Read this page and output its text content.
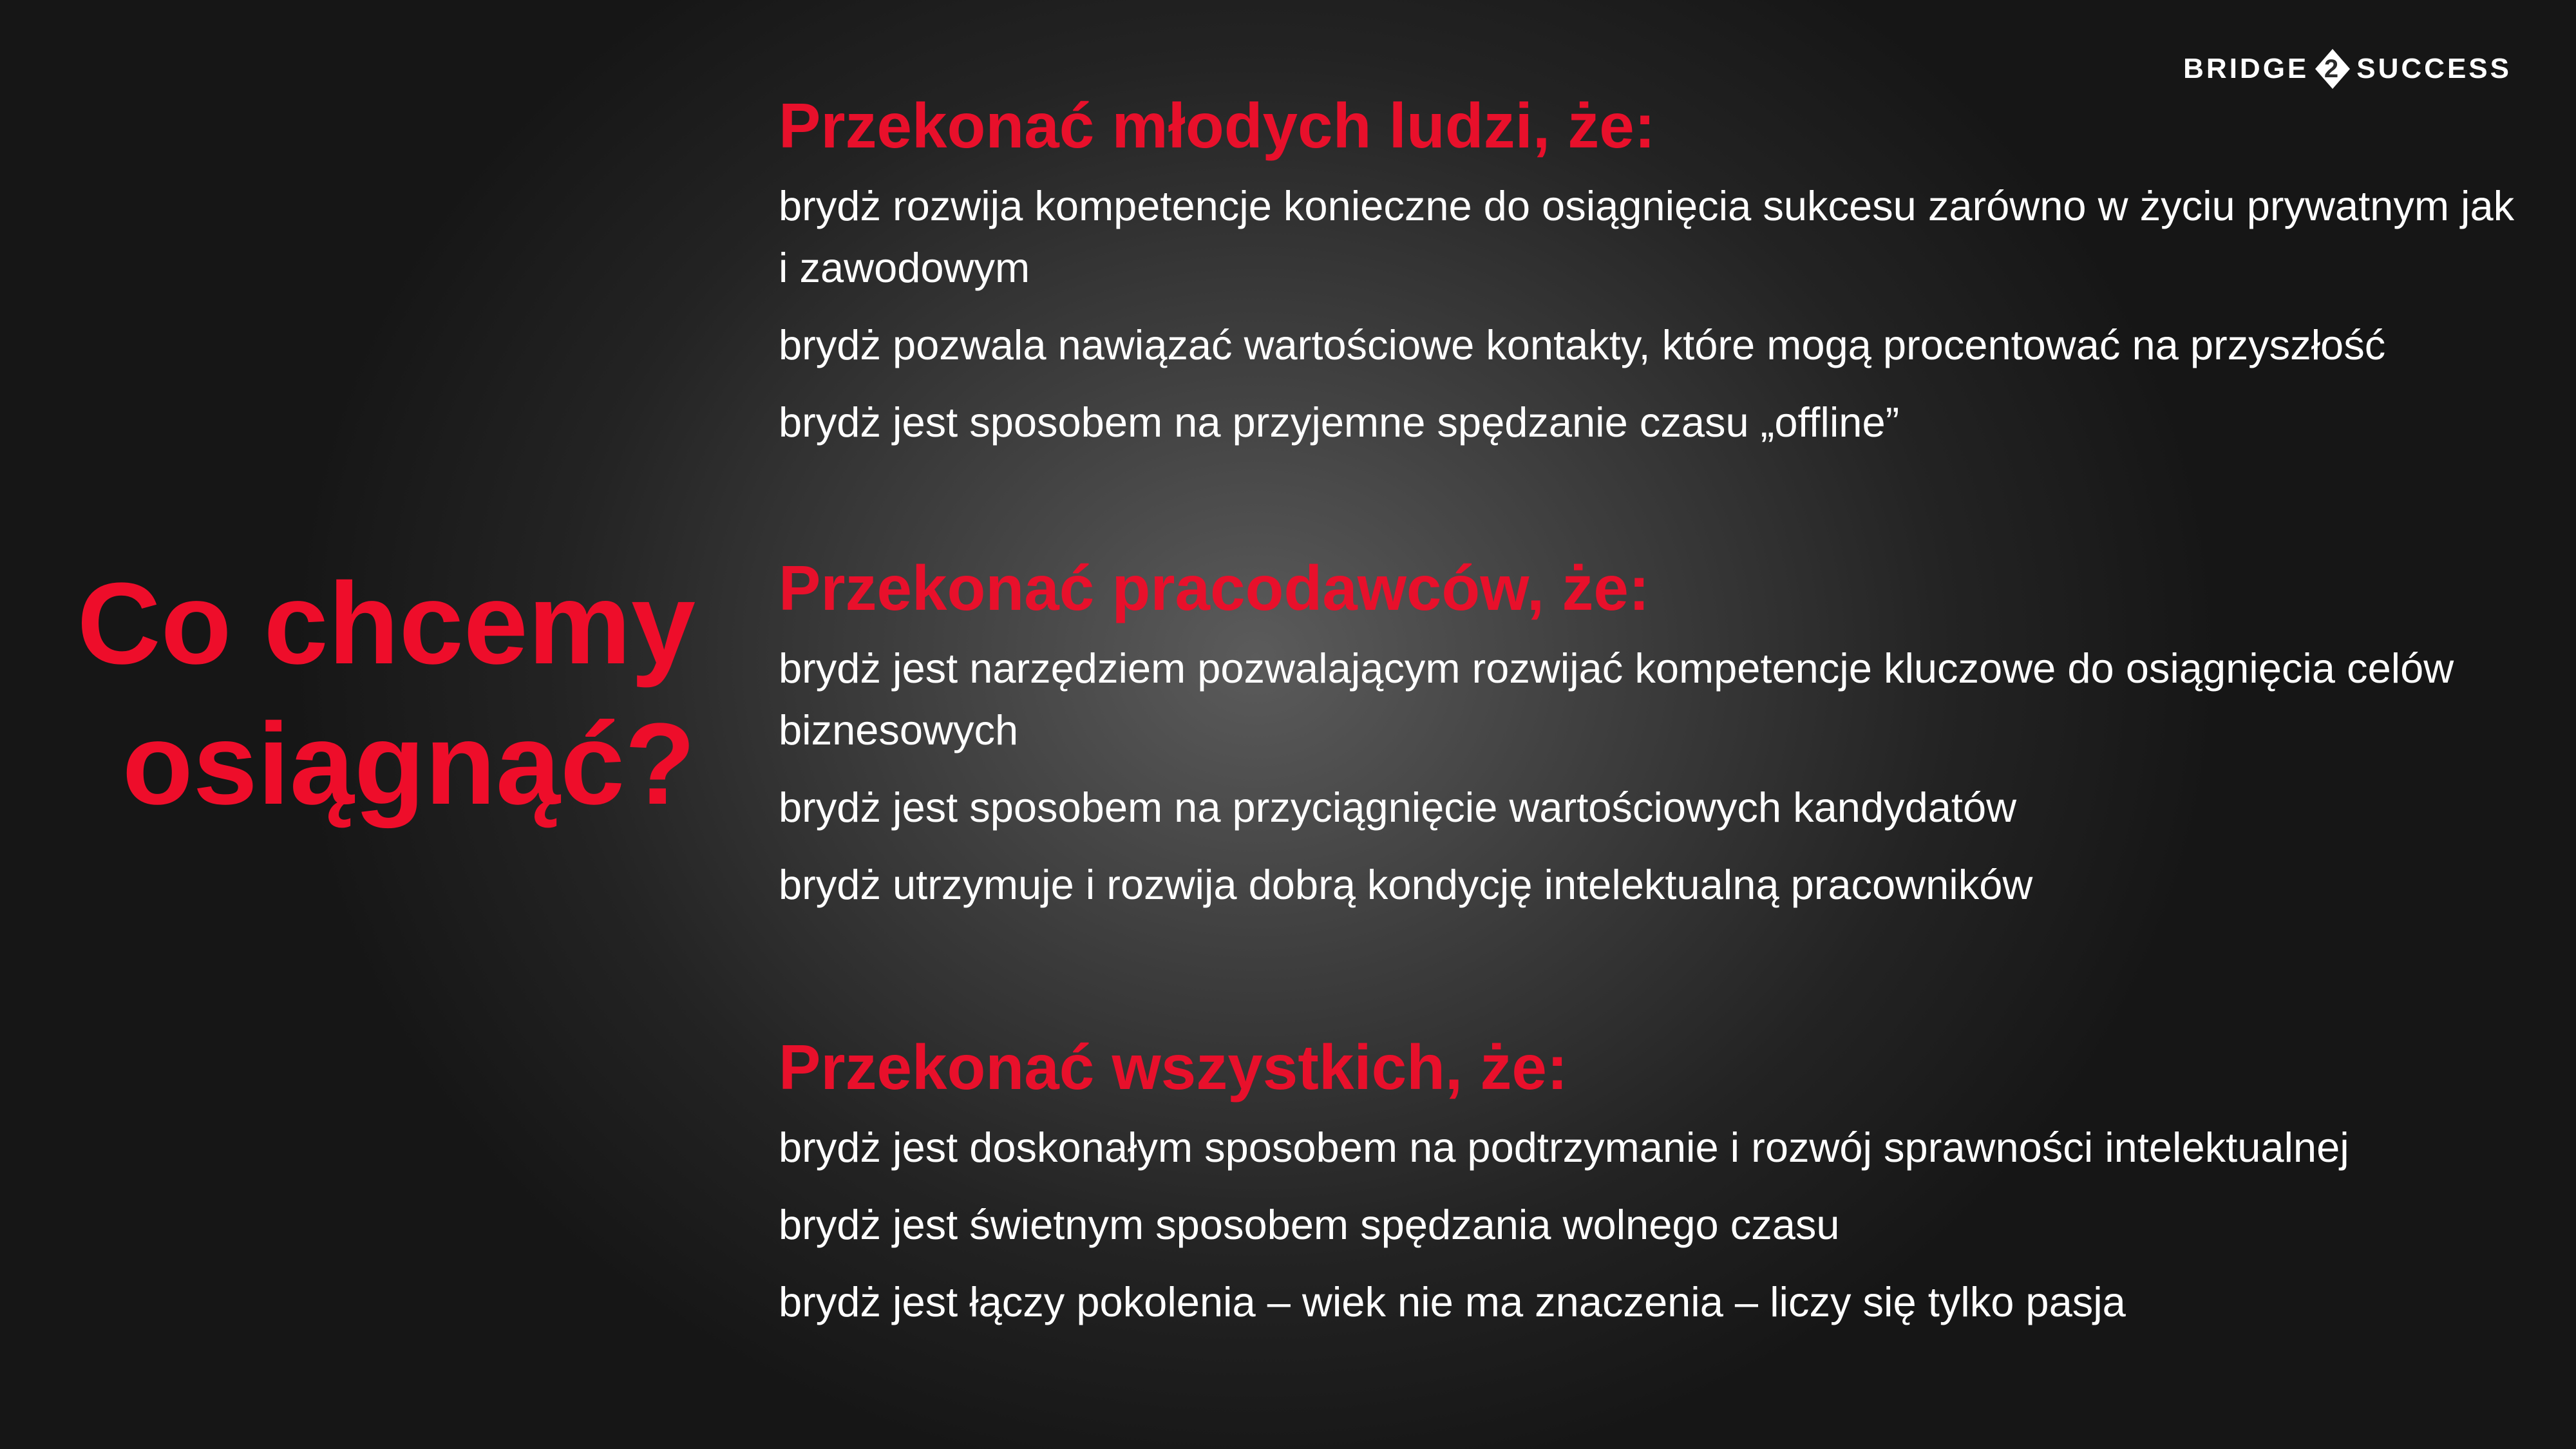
BRIDGE 2 SUCCESS
Co chcemy
osiągnąć?

Przekonać młodych ludzi, że:

brydż rozwija kompetencje konieczne do osiągnięcia sukcesu zarówno w życiu prywatnym jak i zawodowym

brydż pozwala nawiązać wartościowe kontakty, które mogą procentować na przyszłość

brydż jest sposobem na przyjemne spędzanie czasu „offline”

Przekonać pracodawców, że:

brydż jest narzędziem pozwalającym rozwijać kompetencje kluczowe do osiągnięcia celów biznesowych

brydż jest sposobem na przyciągnięcie wartościowych kandydatów

brydż utrzymuje i rozwija dobrą kondycję intelektualną pracowników

Przekonać wszystkich, że:

brydż jest doskonałym sposobem na podtrzymanie i rozwój sprawności intelektualnej

brydż jest świetnym sposobem spędzania wolnego czasu

brydż jest łączy pokolenia – wiek nie ma znaczenia – liczy się tylko pasja
